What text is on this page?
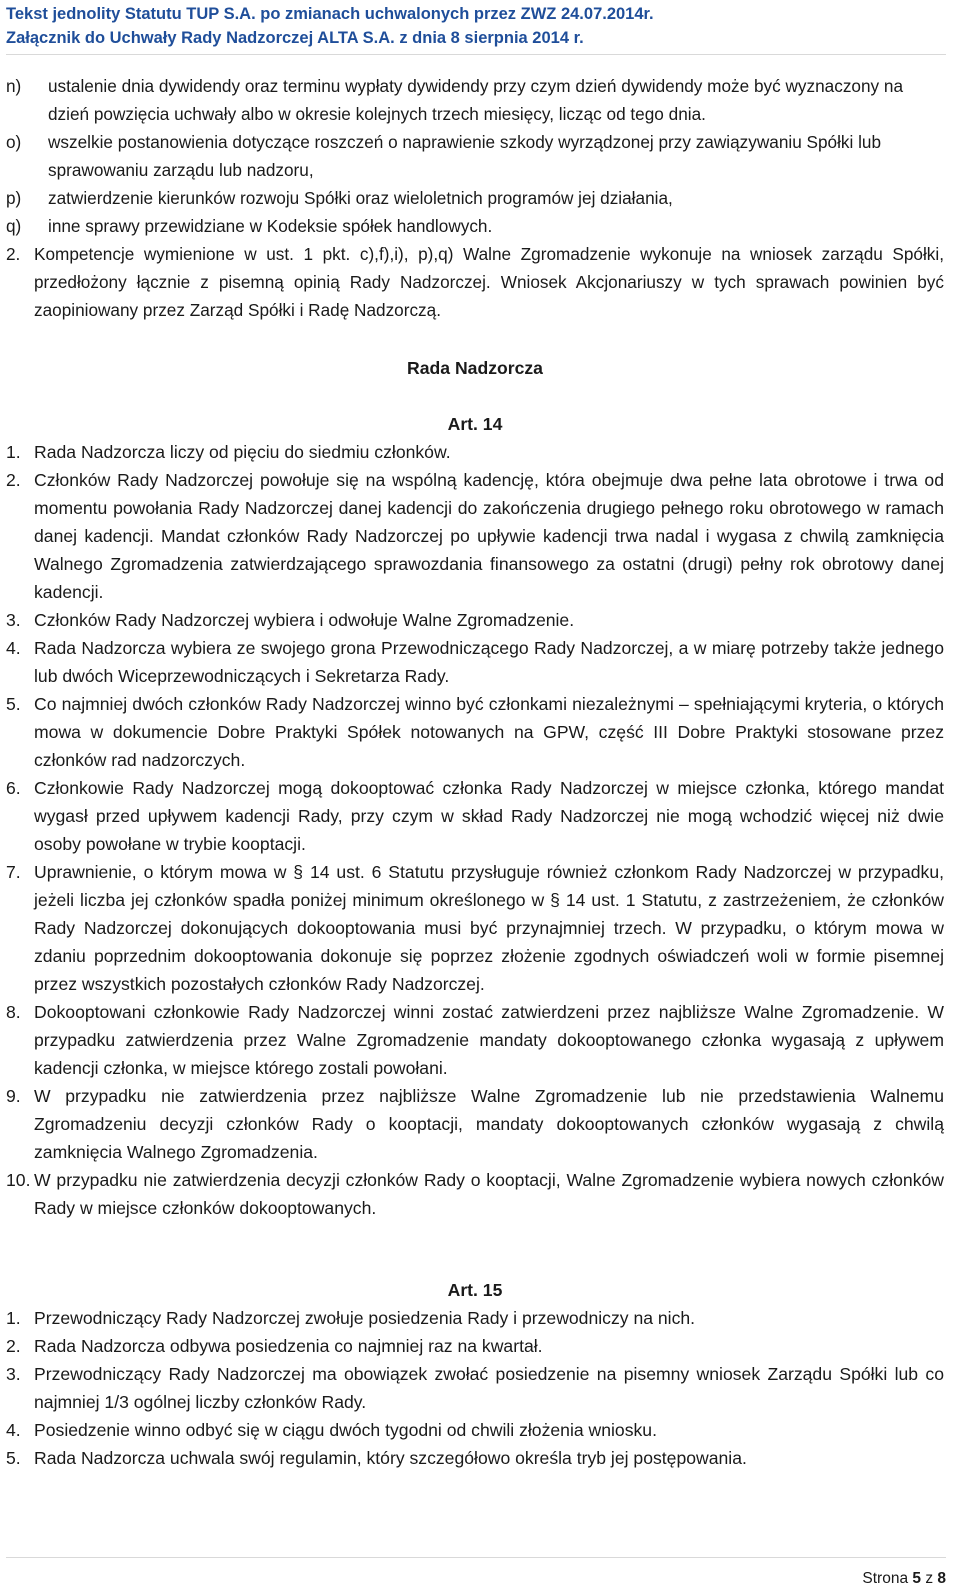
Tekst jednolity Statutu TUP S.A. po zmianach uchwalonych przez ZWZ 24.07.2014r.
Załącznik do Uchwały Rady Nadzorczej ALTA S.A. z dnia 8 sierpnia 2014 r.
n) ustalenie dnia dywidendy oraz terminu wypłaty dywidendy przy czym dzień dywidendy może być wyznaczony na dzień powzięcia uchwały albo w okresie kolejnych trzech miesięcy, licząc od tego dnia.
o) wszelkie postanowienia dotyczące roszczeń o naprawienie szkody wyrządzonej przy zawiązywaniu Spółki lub sprawowaniu zarządu lub nadzoru,
p) zatwierdzenie kierunków rozwoju Spółki oraz wieloletnich programów jej działania,
q) inne sprawy przewidziane w Kodeksie spółek handlowych.
2. Kompetencje wymienione w ust. 1 pkt. c),f),i), p),q) Walne Zgromadzenie wykonuje na wniosek zarządu Spółki, przedłożony łącznie z pisemną opinią Rady Nadzorczej. Wniosek Akcjonariuszy w tych sprawach powinien być zaopiniowany przez Zarząd Spółki i Radę Nadzorczą.
Rada Nadzorcza
Art. 14
1. Rada Nadzorcza liczy od pięciu do siedmiu członków.
2. Członków Rady Nadzorczej powołuje się na wspólną kadencję, która obejmuje dwa pełne lata obrotowe i trwa od momentu powołania Rady Nadzorczej danej kadencji do zakończenia drugiego pełnego roku obrotowego w ramach danej kadencji. Mandat członków Rady Nadzorczej po upływie kadencji trwa nadal i wygasa z chwilą zamknięcia Walnego Zgromadzenia zatwierdzającego sprawozdania finansowego za ostatni (drugi) pełny rok obrotowy danej kadencji.
3. Członków Rady Nadzorczej wybiera i odwołuje Walne Zgromadzenie.
4. Rada Nadzorcza wybiera ze swojego grona Przewodniczącego Rady Nadzorczej, a w miarę potrzeby także jednego lub dwóch Wiceprzewodniczących i Sekretarza Rady.
5. Co najmniej dwóch członków Rady Nadzorczej winno być członkami niezależnymi – spełniającymi kryteria, o których mowa w dokumencie Dobre Praktyki Spółek notowanych na GPW, część III Dobre Praktyki stosowane przez członków rad nadzorczych.
6. Członkowie Rady Nadzorczej mogą dokooptować członka Rady Nadzorczej w miejsce członka, którego mandat wygasł przed upływem kadencji Rady, przy czym w skład Rady Nadzorczej nie mogą wchodzić więcej niż dwie osoby powołane w trybie kooptacji.
7. Uprawnienie, o którym mowa w § 14 ust. 6 Statutu przysługuje również członkom Rady Nadzorczej w przypadku, jeżeli liczba jej członków spadła poniżej minimum określonego w § 14 ust. 1 Statutu, z zastrzeżeniem, że członków Rady Nadzorczej dokonujących dokooptowania musi być przynajmniej trzech. W przypadku, o którym mowa w zdaniu poprzednim dokooptowania dokonuje się poprzez złożenie zgodnych oświadczeń woli w formie pisemnej przez wszystkich pozostałych członków Rady Nadzorczej.
8. Dokooptowani członkowie Rady Nadzorczej winni zostać zatwierdzeni przez najbliższe Walne Zgromadzenie. W przypadku zatwierdzenia przez Walne Zgromadzenie mandaty dokooptowanego członka wygasają z upływem kadencji członka, w miejsce którego zostali powołani.
9. W przypadku nie zatwierdzenia przez najbliższe Walne Zgromadzenie lub nie przedstawienia Walnemu Zgromadzeniu decyzji członków Rady o kooptacji, mandaty dokooptowanych członków wygasają z chwilą zamknięcia Walnego Zgromadzenia.
10. W przypadku nie zatwierdzenia decyzji członków Rady o kooptacji, Walne Zgromadzenie wybiera nowych członków Rady w miejsce członków dokooptowanych.
Art. 15
1. Przewodniczący Rady Nadzorczej zwołuje posiedzenia Rady i przewodniczy na nich.
2. Rada Nadzorcza odbywa posiedzenia co najmniej raz na kwartał.
3. Przewodniczący Rady Nadzorczej ma obowiązek zwołać posiedzenie na pisemny wniosek Zarządu Spółki lub co najmniej 1/3 ogólnej liczby członków Rady.
4. Posiedzenie winno odbyć się w ciągu dwóch tygodni od chwili złożenia wniosku.
5. Rada Nadzorcza uchwala swój regulamin, który szczegółowo określa tryb jej postępowania.
Strona 5 z 8
